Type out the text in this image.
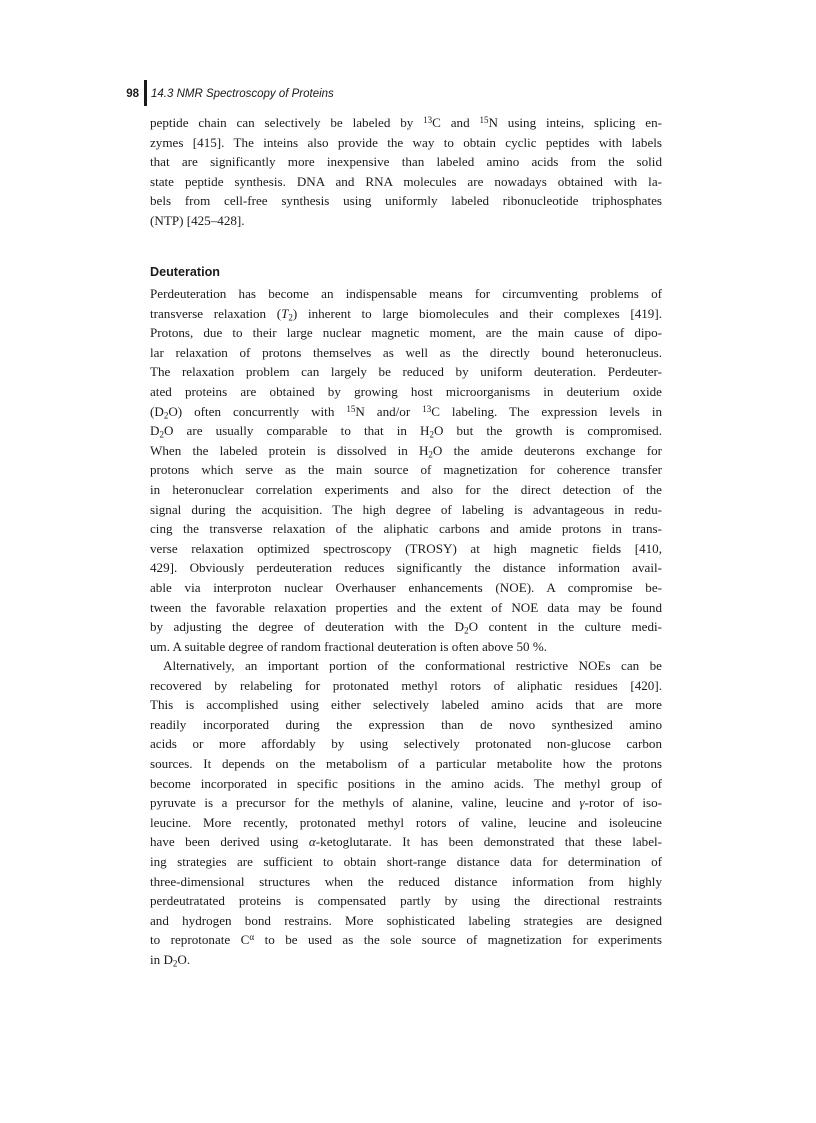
98 14.3 NMR Spectroscopy of Proteins
peptide chain can selectively be labeled by $^{13}$C and $^{15}$N using inteins, splicing en-
zymes [415]. The inteins also provide the way to obtain cyclic peptides with labels
that are significantly more inexpensive than labeled amino acids from the solid
state peptide synthesis. DNA and RNA molecules are nowadays obtained with la-
bels from cell-free synthesis using uniformly labeled ribonucleotide triphosphates
(NTP) [425–428].
Deuteration
Perdeuteration has become an indispensable means for circumventing problems of
transverse relaxation $(T_2)$ inherent to large biomolecules and their complexes [419].
Protons, due to their large nuclear magnetic moment, are the main cause of dipo-
lar relaxation of protons themselves as well as the directly bound heteronucleus.
The relaxation problem can largely be reduced by uniform deuteration. Perdeuter-
ated proteins are obtained by growing host microorganisms in deuterium oxide
$(D_2O)$ often concurrently with $^{15}$N and/or $^{13}$C labeling. The expression levels in
$D_2O$ are usually comparable to that in $H_2O$ but the growth is compromised.
When the labeled protein is dissolved in $H_2O$ the amide deuterons exchange for
protons which serve as the main source of magnetization for coherence transfer
in heteronuclear correlation experiments and also for the direct detection of the
signal during the acquisition. The high degree of labeling is advantageous in redu-
cing the transverse relaxation of the aliphatic carbons and amide protons in trans-
verse relaxation optimized spectroscopy (TROSY) at high magnetic fields [410,
429]. Obviously perdeuteration reduces significantly the distance information avail-
able via interproton nuclear Overhauser enhancements (NOE). A compromise be-
tween the favorable relaxation properties and the extent of NOE data may be found
by adjusting the degree of deuteration with the $D_2O$ content in the culture medi-
um. A suitable degree of random fractional deuteration is often above 50 %.
Alternatively, an important portion of the conformational restrictive NOEs can be
recovered by relabeling for protonated methyl rotors of aliphatic residues [420].
This is accomplished using either selectively labeled amino acids that are more
readily incorporated during the expression than de novo synthesized amino
acids or more affordably by using selectively protonated non-glucose carbon
sources. It depends on the metabolism of a particular metabolite how the protons
become incorporated in specific positions in the amino acids. The methyl group of
pyruvate is a precursor for the methyls of alanine, valine, leucine and γ-rotor of iso-
leucine. More recently, protonated methyl rotors of valine, leucine and isoleucine
have been derived using α-ketoglutarate. It has been demonstrated that these label-
ing strategies are sufficient to obtain short-range distance data for determination of
three-dimensional structures when the reduced distance information from highly
perdeutratated proteins is compensated partly by using the directional restraints
and hydrogen bond restrains. More sophisticated labeling strategies are designed
to reprotonate $C^\alpha$ to be used as the sole source of magnetization for experiments
in $D_2O$.
